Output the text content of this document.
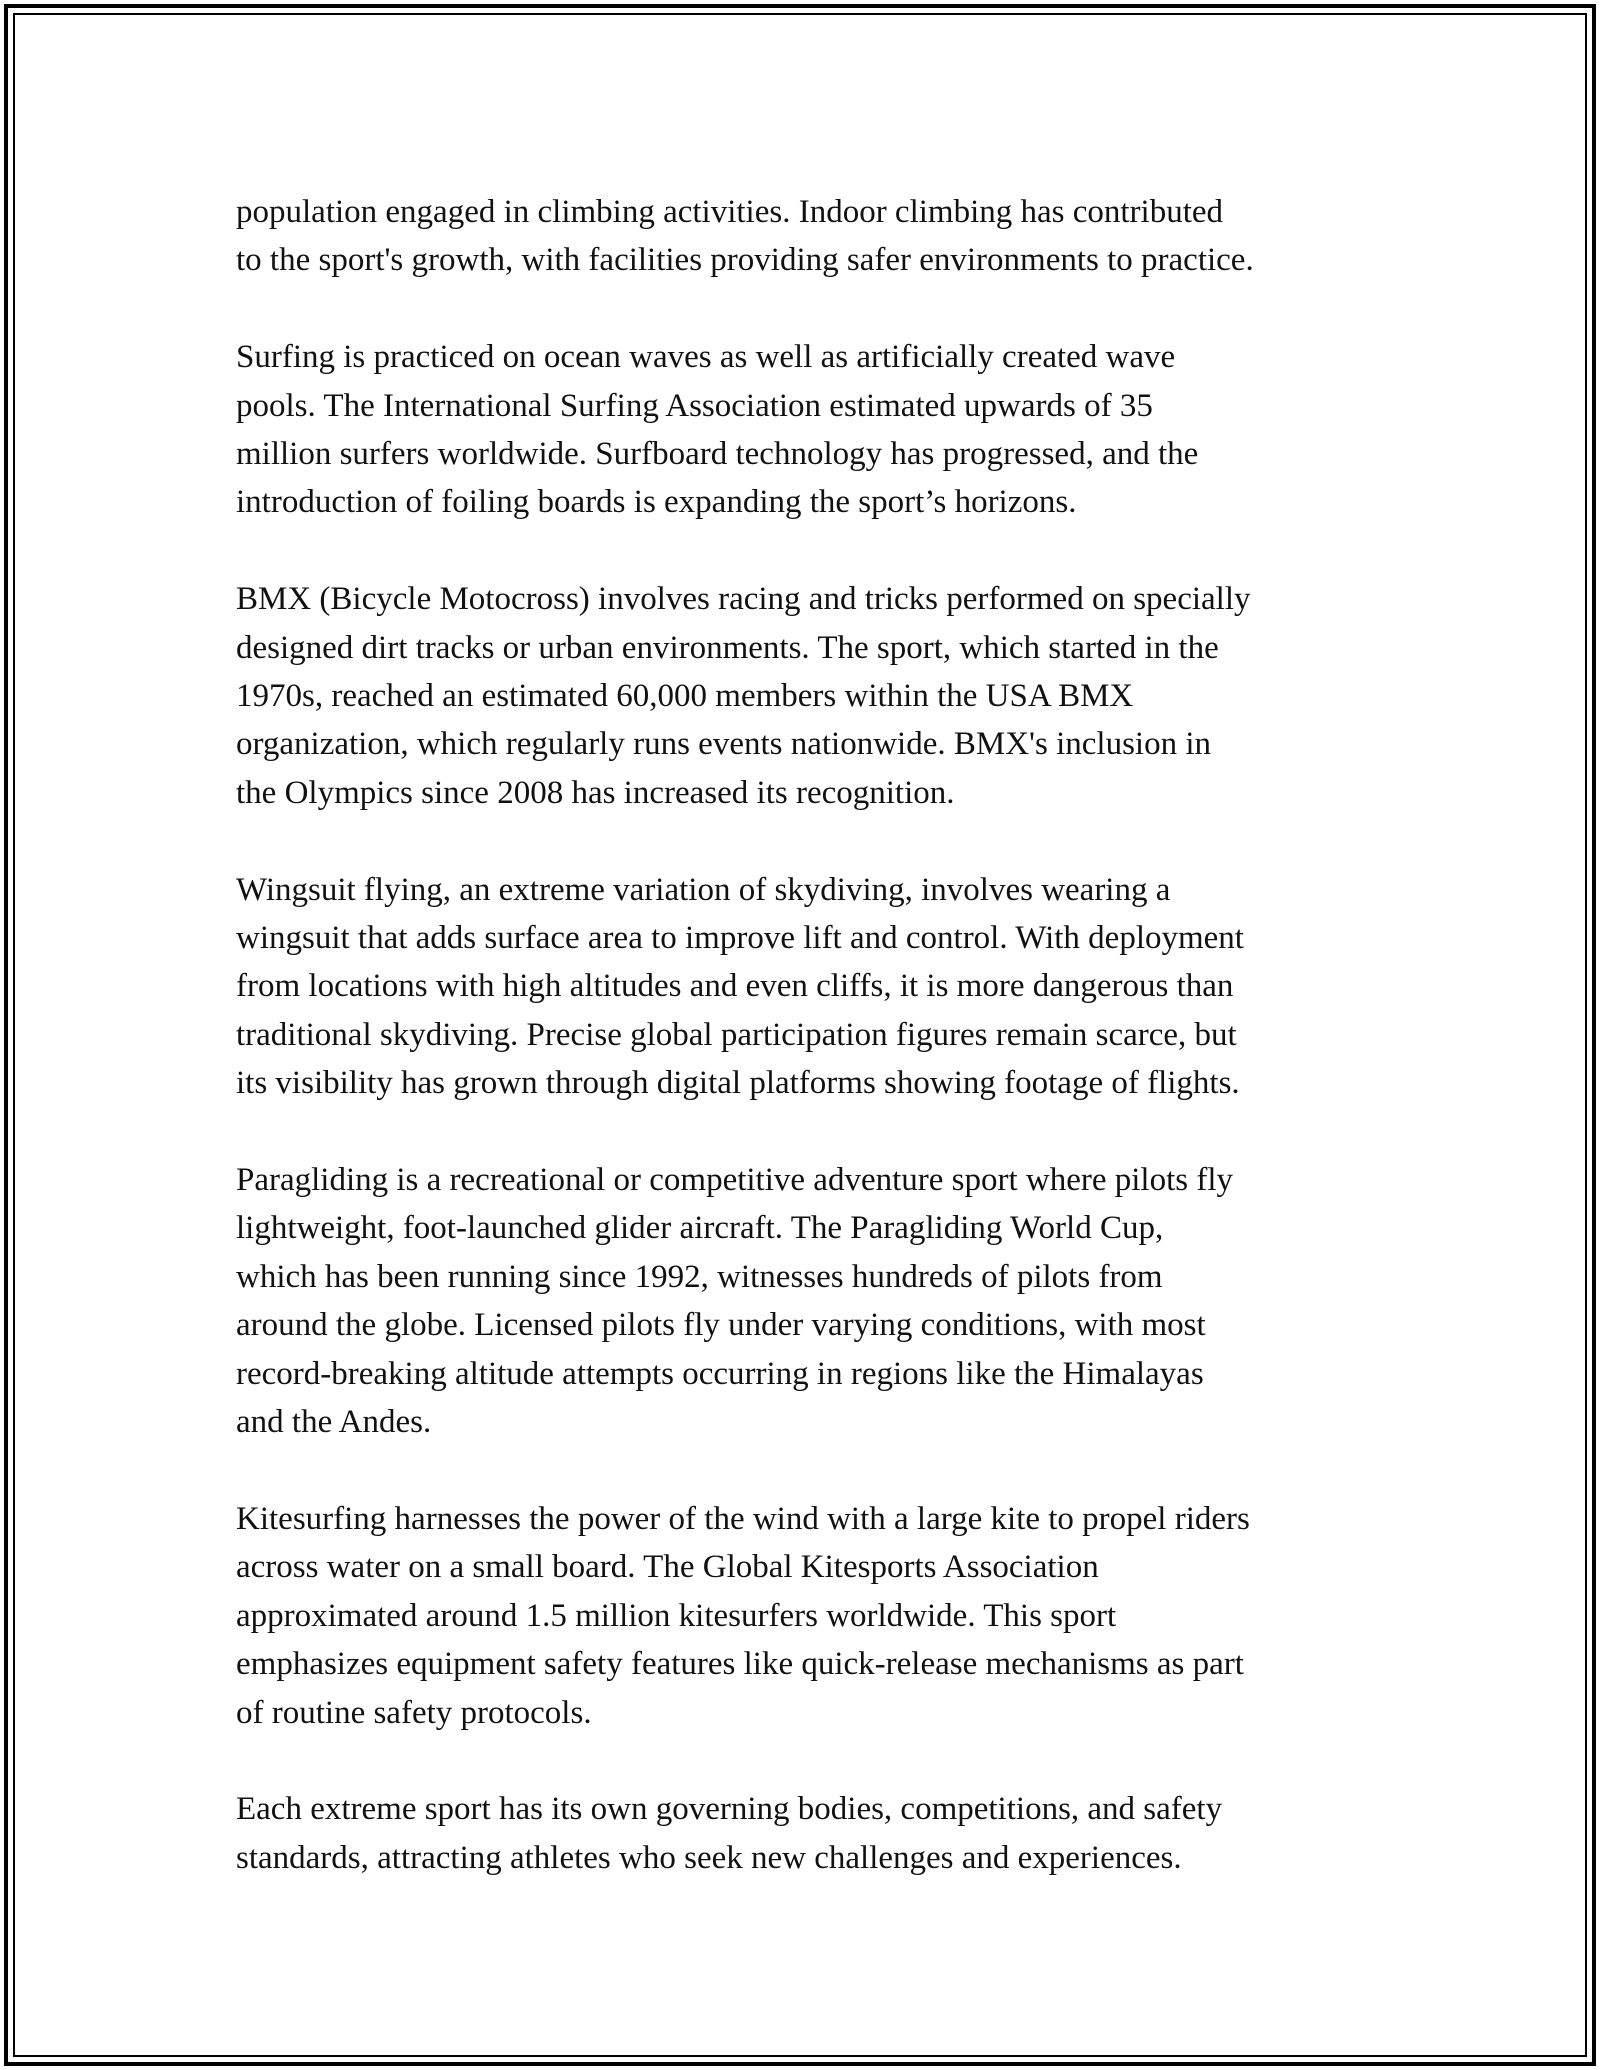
population engaged in climbing activities. Indoor climbing has contributed
to the sport's growth, with facilities providing safer environments to practice.

Surfing is practiced on ocean waves as well as artificially created wave
pools. The International Surfing Association estimated upwards of 35
million surfers worldwide. Surfboard technology has progressed, and the
introduction of foiling boards is expanding the sport’s horizons.

BMX (Bicycle Motocross) involves racing and tricks performed on specially
designed dirt tracks or urban environments. The sport, which started in the
1970s, reached an estimated 60,000 members within the USA BMX
organization, which regularly runs events nationwide. BMX's inclusion in
the Olympics since 2008 has increased its recognition.

Wingsuit flying, an extreme variation of skydiving, involves wearing a
wingsuit that adds surface area to improve lift and control. With deployment
from locations with high altitudes and even cliffs, it is more dangerous than
traditional skydiving. Precise global participation figures remain scarce, but
its visibility has grown through digital platforms showing footage of flights.

Paragliding is a recreational or competitive adventure sport where pilots fly
lightweight, foot-launched glider aircraft. The Paragliding World Cup,
which has been running since 1992, witnesses hundreds of pilots from
around the globe. Licensed pilots fly under varying conditions, with most
record-breaking altitude attempts occurring in regions like the Himalayas
and the Andes.

Kitesurfing harnesses the power of the wind with a large kite to propel riders
across water on a small board. The Global Kitesports Association
approximated around 1.5 million kitesurfers worldwide. This sport
emphasizes equipment safety features like quick-release mechanisms as part
of routine safety protocols.

Each extreme sport has its own governing bodies, competitions, and safety
standards, attracting athletes who seek new challenges and experiences.
